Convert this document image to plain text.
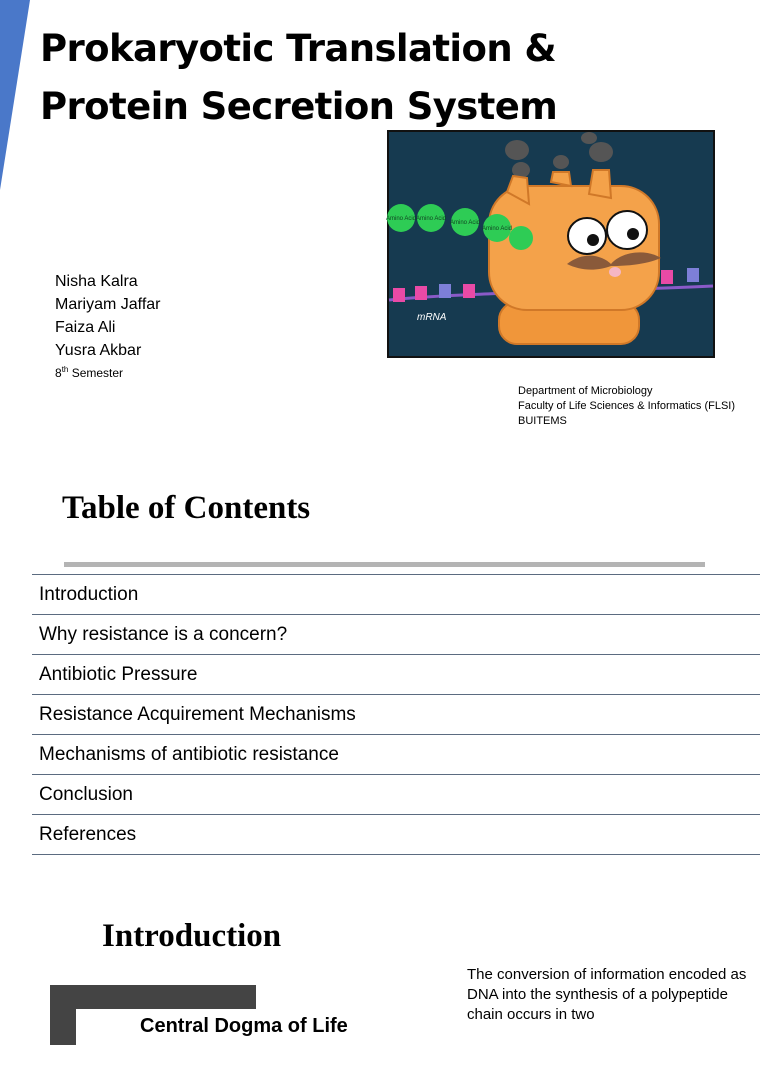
Prokaryotic Translation &
Protein Secretion System
mRNA
Amino Acid Amino Acid
Amino Acid
Amino Acid
Nisha Kalra
Mariyam Jaffar
Faiza Ali
Yusra Akbar
8th Semester
Department of Microbiology
Faculty of Life Sciences & Informatics (FLSI)
BUITEMS
Table of Contents
Introduction
Why resistance is a concern?
Antibiotic Pressure
Resistance Acquirement Mechanisms
Mechanisms of antibiotic resistance
Conclusion
References
Introduction

The conversion of information encoded as DNA into the synthesis of a polypeptide chain occurs in two

Central Dogma of Life
